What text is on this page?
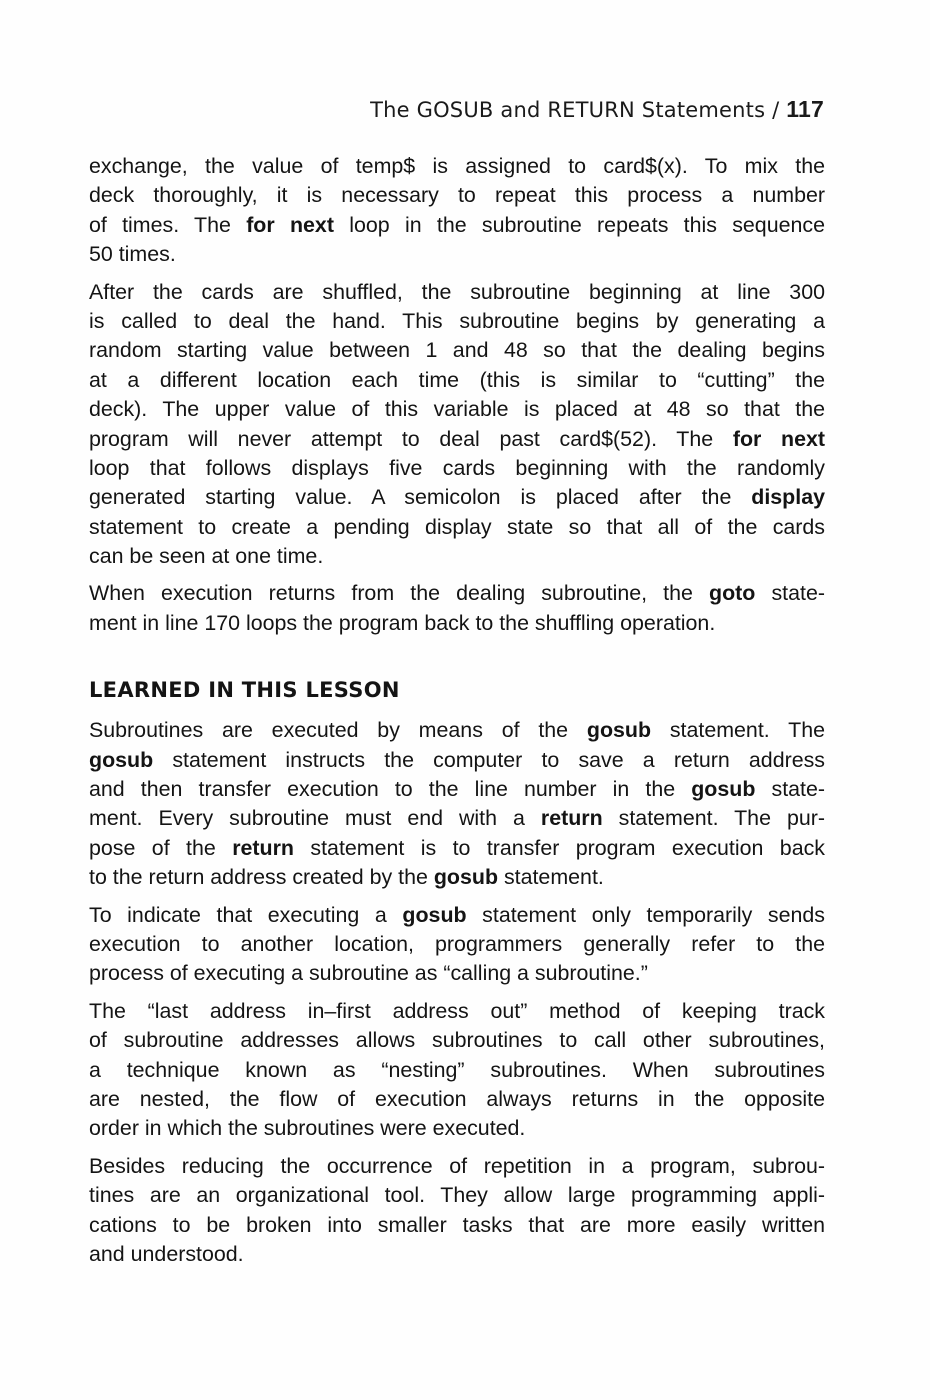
The GOSUB and RETURN Statements / 117
exchange, the value of temp$ is assigned to card$(x). To mix the
deck thoroughly, it is necessary to repeat this process a number
of times. The for next loop in the subroutine repeats this sequence
50 times.
After the cards are shuffled, the subroutine beginning at line 300
is called to deal the hand. This subroutine begins by generating a
random starting value between 1 and 48 so that the dealing begins
at a different location each time (this is similar to “cutting” the
deck). The upper value of this variable is placed at 48 so that the
program will never attempt to deal past card$(52). The for next
loop that follows displays five cards beginning with the randomly
generated starting value. A semicolon is placed after the display
statement to create a pending display state so that all of the cards
can be seen at one time.
When execution returns from the dealing subroutine, the goto state-
ment in line 170 loops the program back to the shuffling operation.
LEARNED IN THIS LESSON
Subroutines are executed by means of the gosub statement. The
gosub statement instructs the computer to save a return address
and then transfer execution to the line number in the gosub state-
ment. Every subroutine must end with a return statement. The pur-
pose of the return statement is to transfer program execution back
to the return address created by the gosub statement.
To indicate that executing a gosub statement only temporarily sends
execution to another location, programmers generally refer to the
process of executing a subroutine as “calling a subroutine.”
The “last address in–first address out” method of keeping track
of subroutine addresses allows subroutines to call other subroutines,
a technique known as “nesting” subroutines. When subroutines
are nested, the flow of execution always returns in the opposite
order in which the subroutines were executed.
Besides reducing the occurrence of repetition in a program, subrou-
tines are an organizational tool. They allow large programming appli-
cations to be broken into smaller tasks that are more easily written
and understood.
